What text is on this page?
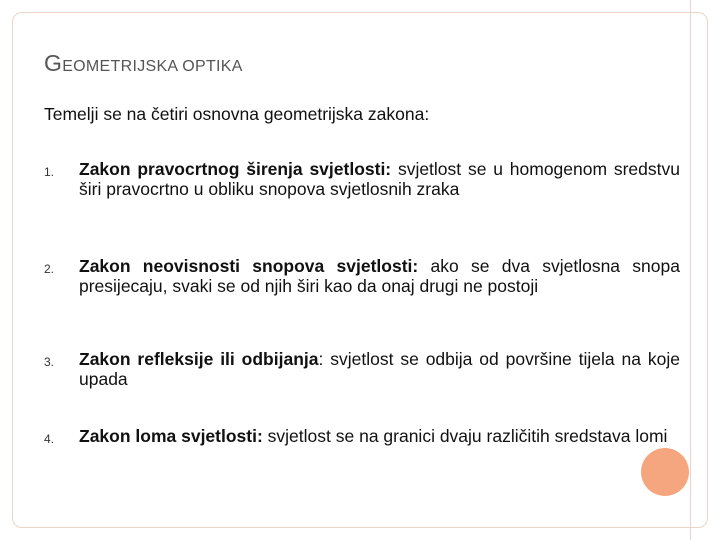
GEOMETRIJSKA OPTIKA
Temelji se na četiri osnovna geometrijska zakona:
1. Zakon pravocrtnog širenja svjetlosti: svjetlost se u homogenom sredstvu širi pravocrtno u obliku snopova svjetlosnih zraka
2. Zakon neovisnosti snopova svjetlosti: ako se dva svjetlosna snopa presijecaju, svaki se od njih širi kao da onaj drugi ne postoji
3. Zakon refleksije ili odbijanja: svjetlost se odbija od površine tijela na koje upada
4. Zakon loma svjetlosti: svjetlost se na granici dvaju različitih sredstava lomi
